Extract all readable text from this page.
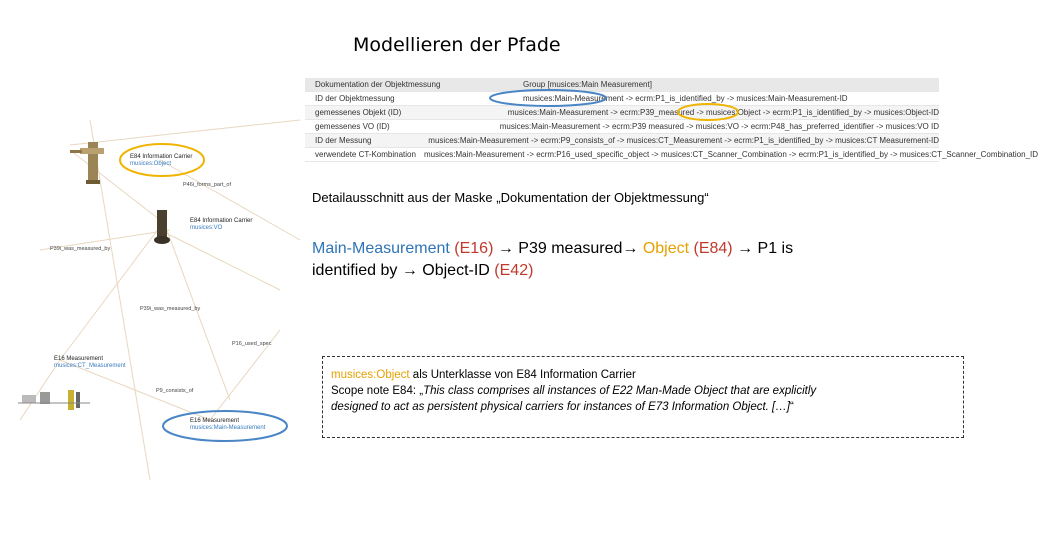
Modellieren der Pfade
E84 Information Carrier
musices:Object
E84 Information Carrier
musices:VO
E16 Measurement
musices:CT_Measurement
E16 Measurement
musices:Main-Measurement
P46i_forms_part_of
P39i_was_measured_by
P39i_was_measured_by
P16_used_spec
P9_consists_of
Dokumentation der Objektmessung	Group [musices:Main Measurement]
ID der Objektmessung	musices:Main-Measurement -> ecrm:P1_is_identified_by -> musices:Main-Measurement-ID
gemessenes Objekt (ID)	musices:Main-Measurement -> ecrm:P39_measured -> musices:Object -> ecrm:P1_is_identified_by -> musices:Object-ID
gemessenes VO (ID)	musices:Main-Measurement -> ecrm:P39 measured -> musices:VO -> ecrm:P48_has_preferred_identifier -> musices:VO ID
ID der Messung	musices:Main-Measurement -> ecrm:P9_consists_of -> musices:CT_Measurement -> ecrm:P1_is_identified_by -> musices:CT Measurement-ID
verwendete CT-Kombination	musices:Main-Measurement -> ecrm:P16_used_specific_object -> musices:CT_Scanner_Combination -> ecrm:P1_is_identified_by -> musices:CT_Scanner_Combination_ID
Detailausschnitt aus der Maske „Dokumentation der Objektmessung“
Main-Measurement (E16) → P39 measured→ Object (E84) → P1 is
identified by → Object-ID (E42)
musices:Object als Unterklasse von E84 Information Carrier
Scope note E84: „This class comprises all instances of E22 Man-Made Object that are explicitly
designed to act as persistent physical carriers for instances of E73 Information Object. […]“
